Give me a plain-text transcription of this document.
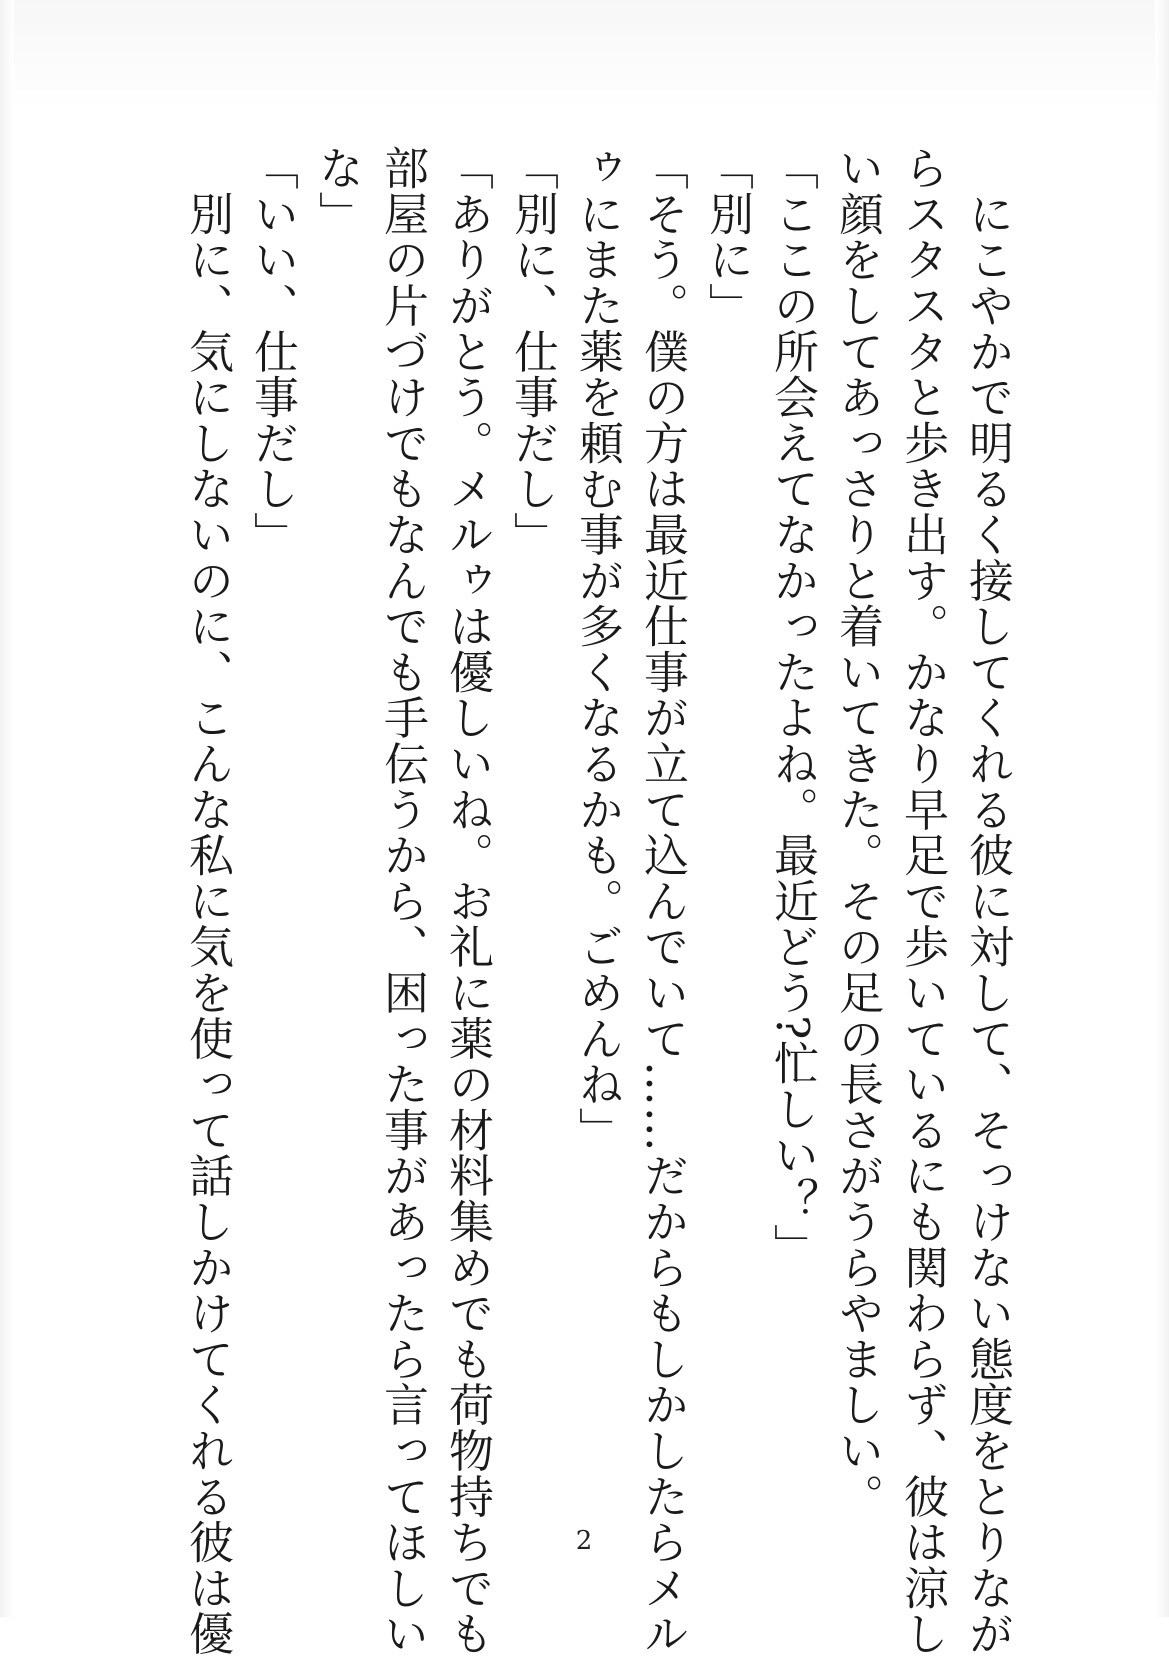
　にこやかで明るく接してくれる彼に対して、そっけない態度をとりなが

らスタスタと歩き出す。かなり早足で歩いているにも関わらず、彼は涼し

い顔をしてあっさりと着いてきた。その足の長さがうらやましい。

「ここの所会えてなかったよね。最近どう?忙しい？」

「別に」

「そう。僕の方は最近仕事が立て込んでいて……だからもしかしたらメル

ゥにまた薬を頼む事が多くなるかも。ごめんね」

「別に、仕事だし」

「ありがとう。メルゥは優しいね。お礼に薬の材料集めでも荷物持ちでも

部屋の片づけでもなんでも手伝うから、困った事があったら言ってほしい

な」

「いい、仕事だし」

　別に、気にしないのに、こんな私に気を使って話しかけてくれる彼は優	2
